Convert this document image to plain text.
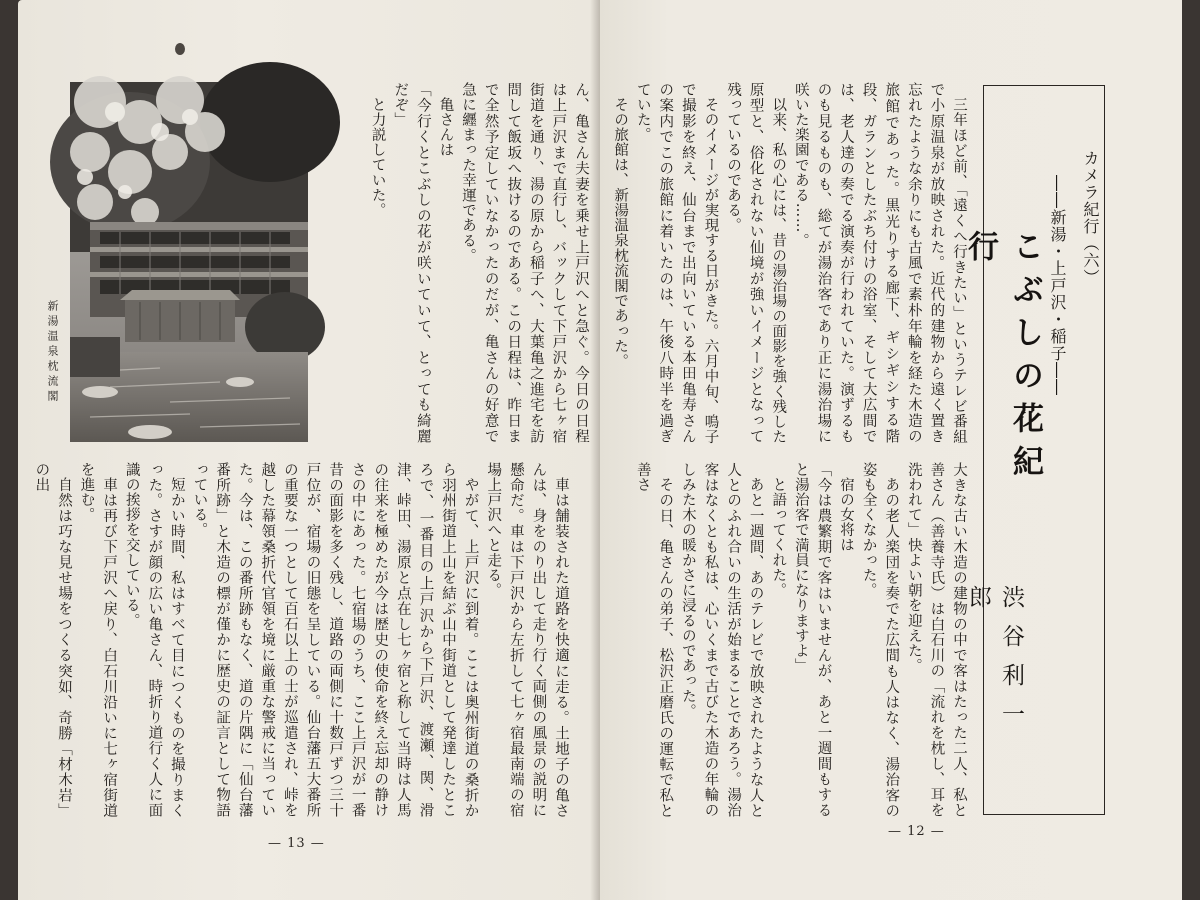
新湯温泉枕流閣	ん、亀さん夫妻を乗せ上戸沢へと急ぐ。今日の日程は上戸沢まで直行し、バックして下戸沢から七ヶ宿街道を通り、湯の原から稲子へ、大葉亀之進宅を訪問して飯坂へ抜けるのである。この日程は、昨日まで全然予定していなかったのだが、亀さんの好意で急に纒まった幸運である。
亀さんは
「今行くとこぶしの花が咲いていて、とっても綺麗だぞ」
と力説していた。
車は舗装された道路を快適に走る。土地子の亀さんは、身をのり出して走り行く両側の風景の説明に懸命だ。車は下戸沢から左折して七ヶ宿最南端の宿場上戸沢へと走る。
やがて、上戸沢に到着。ここは奥州街道の桑折から羽州街道上山を結ぶ山中街道として発達したところで、一番目の上戸沢から下戸沢、渡瀬、関、滑津、峠田、湯原と点在し七ヶ宿と称して当時は人馬の往来を極めたが今は歴史の使命を終え忘却の静けさの中にあった。七宿場のうち、ここ上戸沢が一番昔の面影を多く残し、道路の両側に十数戸ずつ三十戸位が、宿場の旧態を呈している。仙台藩五大番所の重要な一つとして百石以上の士が巡遣され、峠を越した幕領桑折代官領を境に厳重な警戒に当っていた。今は、この番所跡もなく、道の片隅に「仙台藩番所跡」と木造の標が僅かに歴史の証言として物語っている。
短かい時間、私はすべて目につくものを撮りまくった。さすが顔の広い亀さん、時折り道行く人に面識の挨拶を交している。
車は再び下戸沢へ戻り、白石川沿いに七ヶ宿街道を進む。
自然は巧な見せ場をつくる突如、奇勝「材木岩」の出
— 13 —
三年ほど前、「遠くへ行きたい」というテレビ番組で小原温泉が放映された。近代的建物から遠く置き忘れたような余りにも古風で素朴年輪を経た木造の旅館であった。黒光りする廊下、ギシギシする階段、ガランとしたぶち付けの浴室、そして大広間では、老人達の奏でる演奏が行われていた。演ずるものも見るものも、総てが湯治客であり正に湯治場に咲いた楽園である……。
以来、私の心には、昔の湯治場の面影を強く残した原型と、俗化されない仙境が強いイメージとなって残っているのである。
そのイメージが実現する日がきた。六月中旬、鳴子で撮影を終え、仙台まで出向いている本田亀寿さんの案内でこの旅館に着いたのは、午後八時半を過ぎていた。
その旅館は、新湯温泉枕流閣であった。
大きな古い木造の建物の中で客はたった二人、私と善さん（善養寺氏）は白石川の「流れを枕し、耳を洗われて」快よい朝を迎えた。
あの老人楽団を奏でた広間も人はなく、湯治客の姿も全くなかった。
宿の女将は
「今は農繁期で客はいませんが、あと一週間もすると湯治客で満員になりますよ」
と語ってくれた。
あと一週間、あのテレビで放映されたような人と人とのふれ合いの生活が始まることであろう。湯治客はなくとも私は、心いくまで古びた木造の年輪のしみた木の暖かさに浸るのであった。
その日、亀さんの弟子、松沢正磨氏の運転で私と善さ
カメラ紀行（六）
――新湯・上戸沢・稲子――
こぶしの花紀行
渋谷利一郎
— 12 —
